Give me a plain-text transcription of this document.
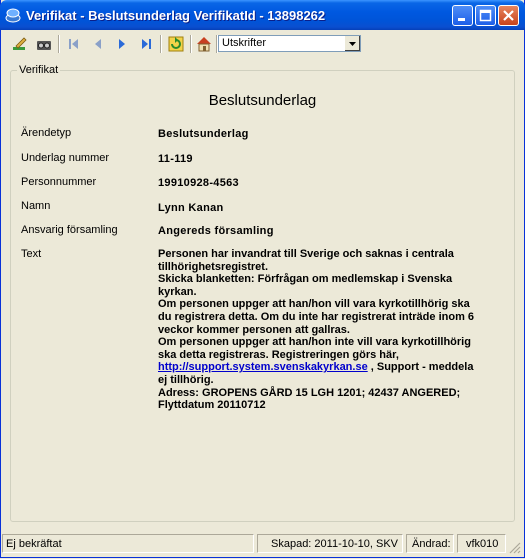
Verifikat - Beslutsunderlag VerifikatId - 13898262
Utskrifter
Verifikat
Beslutsunderlag
Ärendetyp	Beslutsunderlag
Underlag nummer	11-119
Personnummer	19910928-4563
Namn	Lynn Kanan
Ansvarig församling	Angereds församling
Text	Personen har invandrat till Sverige och saknas i centrala
tillhörighetsregistret.
Skicka blanketten: Förfrågan om medlemskap i Svenska
kyrkan.
Om personen uppger att han/hon vill vara kyrkotillhörig ska
du registrera detta. Om du inte har registrerat inträde inom 6
veckor kommer personen att gallras.
Om personen uppger att han/hon inte vill vara kyrkotillhörig
ska detta registreras. Registreringen görs här,
http://support.system.svenskakyrkan.se , Support - meddela
ej tillhörig.
Adress: GROPENS GÅRD 15 LGH 1201; 42437 ANGERED;
Flyttdatum 20110712
Ej bekräftat	Skapad: 2011-10-10, SKV Ändrad: vfk010
